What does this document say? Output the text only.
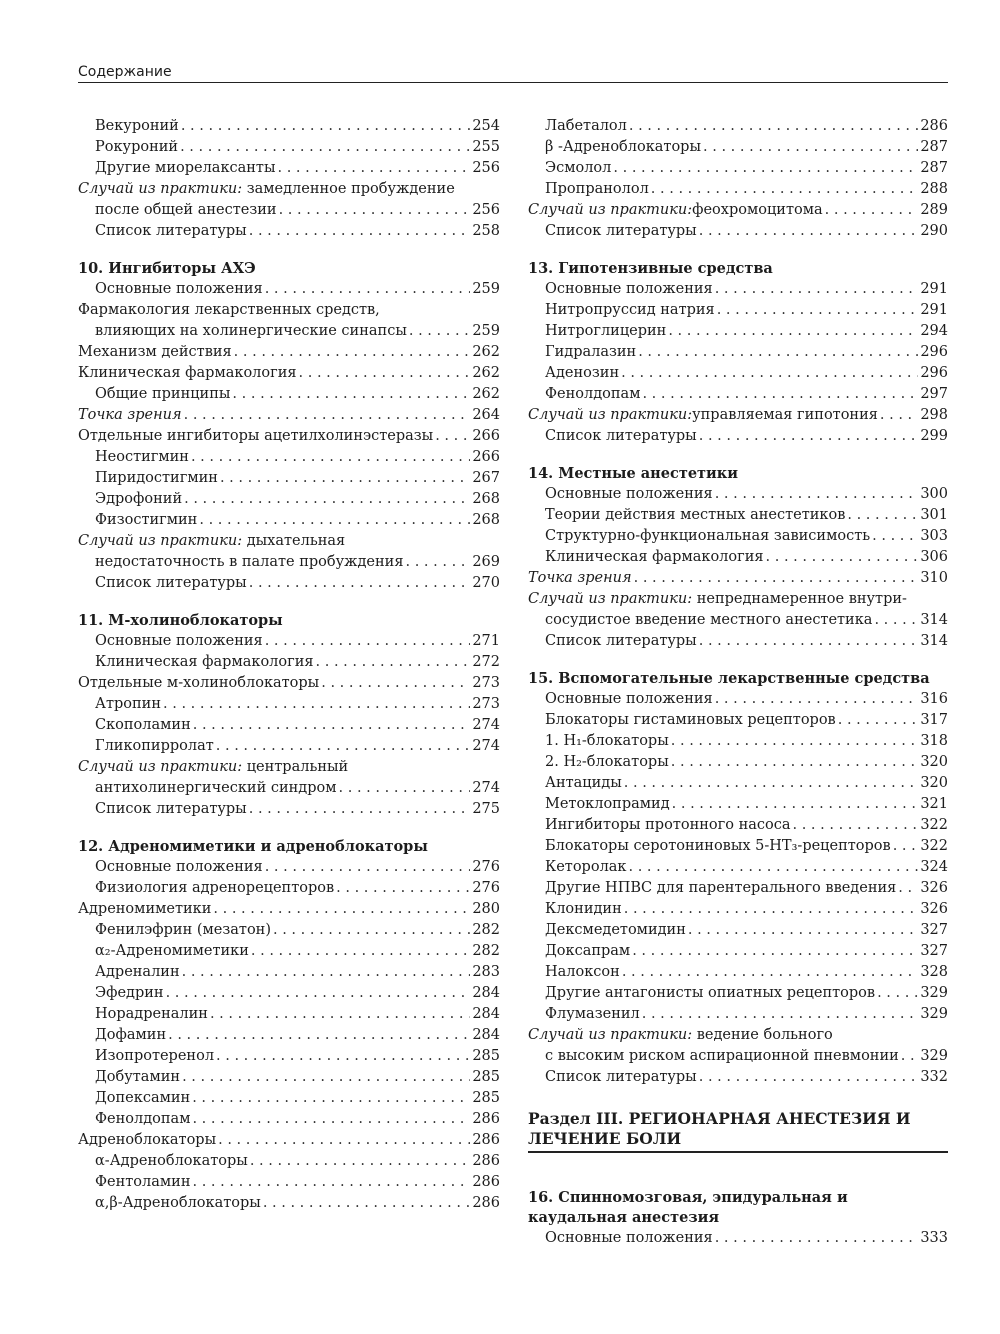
Содержание
Векуроний . . .	254
Рокуроний . . .	255
Другие миорелаксанты . . .	256
Случай из практики: замедленное пробуждение
после общей анестезии . . .	256
Список литературы . . .	258
10. Ингибиторы АХЭ
Основные положения . . .	259
Фармакология лекарственных средств,
влияющих на холинергические синапсы . . .	259
Механизм действия . . .	262
Клиническая фармакология . . .	262
Общие принципы . . .	262
Точка зрения . . .	264
Отдельные ингибиторы ацетилхолинэстеразы . . .	266
Неостигмин . . .	266
Пиридостигмин . . .	267
Эдрофоний . . .	268
Физостигмин . . .	268
Случай из практики: дыхательная
недостаточность в палате пробуждения . . .	269
Список литературы . . .	270
11. М-холиноблокаторы
Основные положения . . .	271
Клиническая фармакология . . .	272
Отдельные м-холиноблокаторы . . .	273
Атропин . . .	273
Скополамин . . .	274
Гликопирролат . . .	274
Случай из практики: центральный
антихолинергический синдром . . .	274
Список литературы . . .	275
12. Адреномиметики и адреноблокаторы
Основные положения . . .	276
Физиология адренорецепторов . . .	276
Адреномиметики . . .	280
Фенилэфрин (мезатон) . . .	282
α₂-Адреномиметики . . .	282
Адреналин . . .	283
Эфедрин . . .	284
Норадреналин . . .	284
Дофамин . . .	284
Изопротеренол . . .	285
Добутамин . . .	285
Допексамин . . .	285
Фенолдопам . . .	286
Адреноблокаторы . . .	286
α-Адреноблокаторы . . .	286
Фентоламин . . .	286
α,β-Адреноблокаторы . . .	286
Лабеталол . . .	286
β -Адреноблокаторы . . .	287
Эсмолол . . .	287
Пропранолол . . .	288
Случай из практики: феохромоцитома . . .	289
Список литературы . . .	290
13. Гипотензивные средства
Основные положения . . .	291
Нитропруссид натрия . . .	291
Нитроглицерин . . .	294
Гидралазин . . .	296
Аденозин . . .	296
Фенолдопам . . .	297
Случай из практики: управляемая гипотония . . .	298
Список литературы . . .	299
14. Местные анестетики
Основные положения . . .	300
Теории действия местных анестетиков . . .	301
Структурно-функциональная зависимость . . .	303
Клиническая фармакология . . .	306
Точка зрения . . .	310
Случай из практики: непреднамеренное внутри-
сосудистое введение местного анестетика . . .	314
Список литературы . . .	314
15. Вспомогательные лекарственные средства
Основные положения . . .	316
Блокаторы гистаминовых рецепторов . . .	317
1. H₁-блокаторы . . .	318
2. H₂-блокаторы . . .	320
Антациды . . .	320
Метоклопрамид . . .	321
Ингибиторы протонного насоса . . .	322
Блокаторы серотониновых 5-HT₃-рецепторов . . . 322
Кеторолак . . .	324
Другие НПВС для парентерального введения . . . 326
Клонидин . . .	326
Дексмедетомидин . . .	327
Доксапрам . . .	327
Налоксон . . .	328
Другие антагонисты опиатных рецепторов . . .	329
Флумазенил . . .	329
Случай из практики: ведение больного
с высоким риском аспирационной пневмонии . . . 329
Список литературы . . .	332
Раздел III. РЕГИОНАРНАЯ АНЕСТЕЗИЯ И ЛЕЧЕНИЕ БОЛИ
16. Спинномозговая, эпидуральная и каудальная анестезия
Основные положения . . .	333
